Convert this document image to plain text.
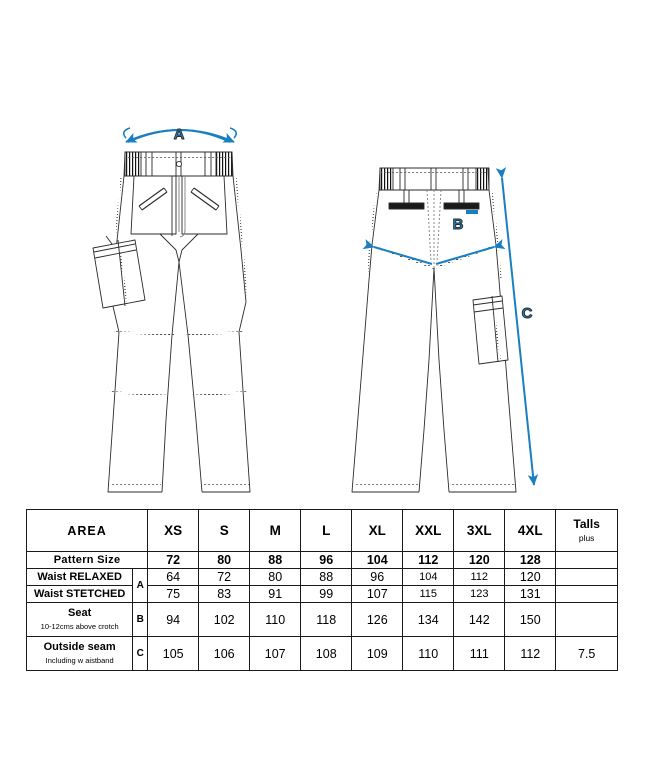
A
B
C
AREA		XS	S	M	L	XL	XXL	3XL	4XL	Talls
plus

Pattern Size		72	80	88	96	104	112	120	128	
Waist RELAXED	A	64	72	80	88	96	104	112	120	
Waist STETCHED		75	83	91	99	107	115	123	131	

Seat
10-12cms above crotch	B	94	102	110	118	126	134	142	150	

Outside seam
Including w aistband	C	105	106	107	108	109	110	111	112	7.5
